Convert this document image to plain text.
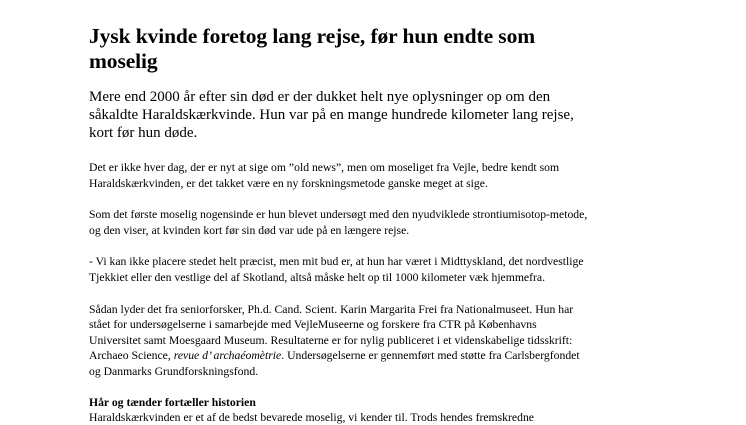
Jysk kvinde foretog lang rejse, før hun endte som moselig

Mere end 2000 år efter sin død er der dukket helt nye oplysninger op om den såkaldte Haraldskærkvinde. Hun var på en mange hundrede kilometer lang rejse, kort før hun døde.

Det er ikke hver dag, der er nyt at sige om ”old news”, men om moseliget fra Vejle, bedre kendt som Haraldskærkvinden, er det takket være en ny forskningsmetode ganske meget at sige.

Som det første moselig nogensinde er hun blevet undersøgt med den nyudviklede strontiumisotop-metode, og den viser, at kvinden kort før sin død var ude på en længere rejse.

- Vi kan ikke placere stedet helt præcist, men mit bud er, at hun har været i Midttyskland, det nordvestlige Tjekkiet eller den vestlige del af Skotland, altså måske helt op til 1000 kilometer væk hjemmefra.

Sådan lyder det fra seniorforsker, Ph.d. Cand. Scient. Karin Margarita Frei fra Nationalmuseet. Hun har stået for undersøgelserne i samarbejde med VejleMuseerne og forskere fra CTR på Københavns Universitet samt Moesgaard Museum. Resultaterne er for nylig publiceret i et videnskabelige tidsskrift: Archaeo Science, revue d’ archaéomètrie. Undersøgelserne er gennemført med støtte fra Carlsbergfondet og Danmarks Grundforskningsfond.

Hår og tænder fortæller historien

Haraldskærkvinden er et af de bedst bevarede moselig, vi kender til. Trods hendes fremskredne
